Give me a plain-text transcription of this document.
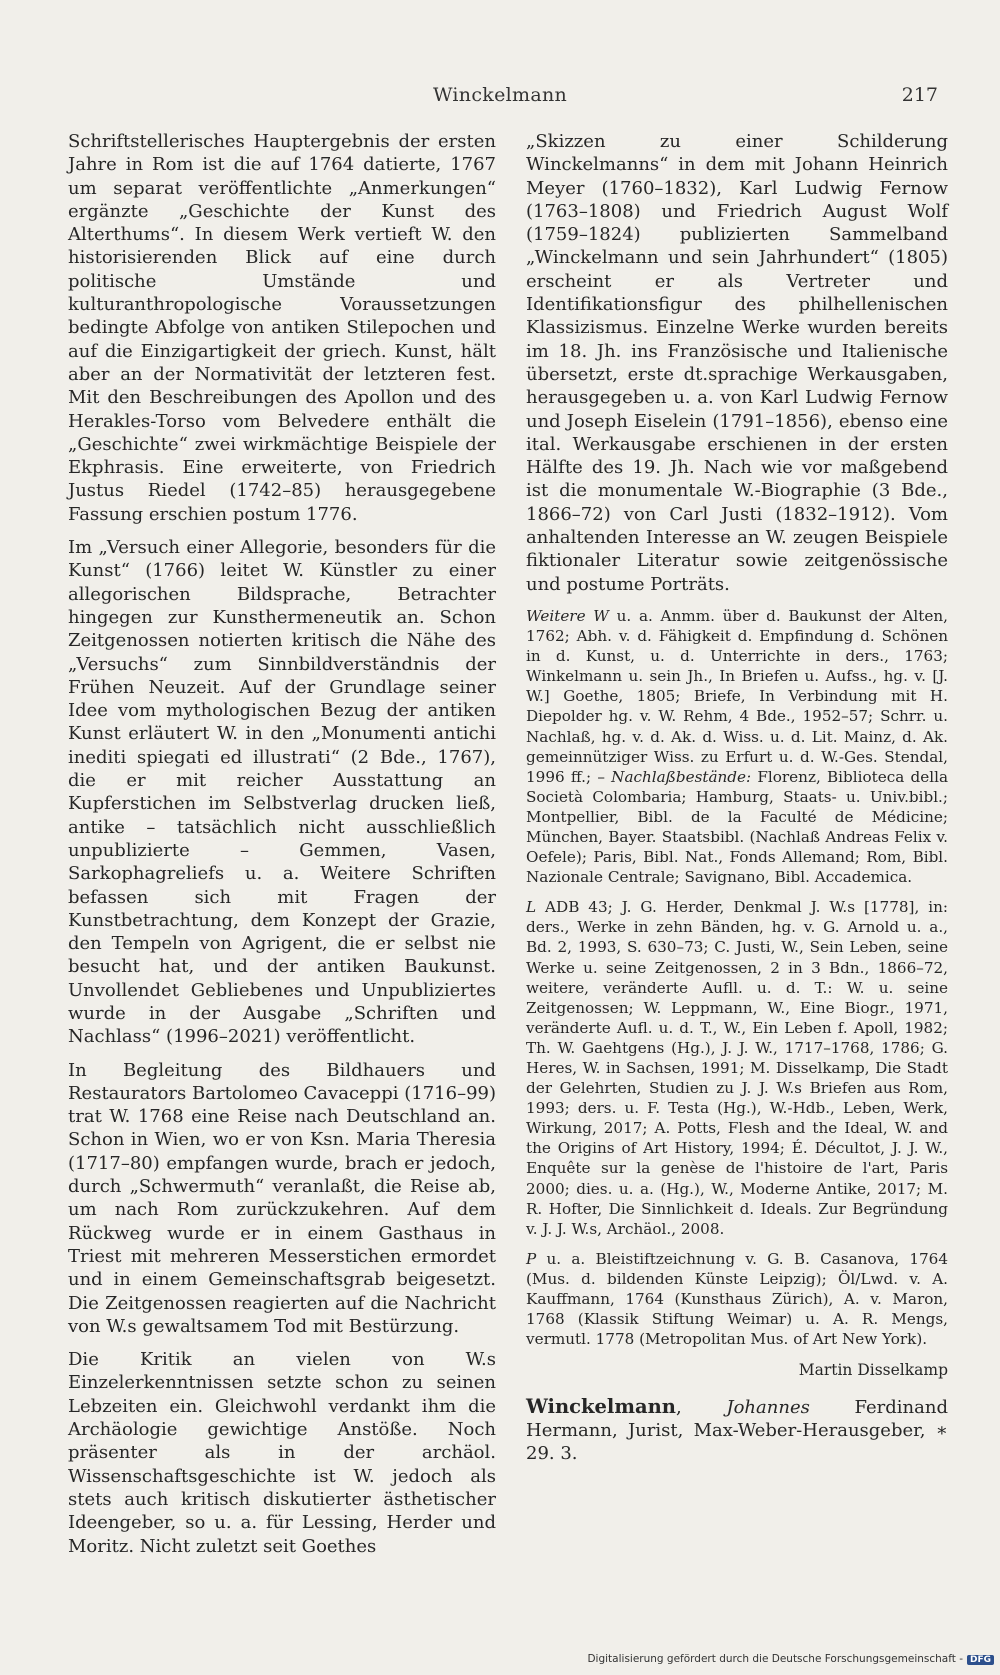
Winckelmann	217

Schriftstellerisches Hauptergebnis der ersten Jahre in Rom ist die auf 1764 datierte, 1767 um separat veröffentlichte „Anmerkungen“ ergänzte „Geschichte der Kunst des Alterthums“. In diesem Werk vertieft W. den historisierenden Blick auf eine durch politische Umstände und kulturanthropologische Voraussetzungen bedingte Abfolge von antiken Stilepochen und auf die Einzigartigkeit der griech. Kunst, hält aber an der Normativität der letzteren fest. Mit den Beschreibungen des Apollon und des Herakles-Torso vom Belvedere enthält die „Geschichte“ zwei wirkmächtige Beispiele der Ekphrasis. Eine erweiterte, von Friedrich Justus Riedel (1742–85) herausgegebene Fassung erschien postum 1776.

Im „Versuch einer Allegorie, besonders für die Kunst“ (1766) leitet W. Künstler zu einer allegorischen Bildsprache, Betrachter hingegen zur Kunsthermeneutik an. Schon Zeitgenossen notierten kritisch die Nähe des „Versuchs“ zum Sinnbildverständnis der Frühen Neuzeit. Auf der Grundlage seiner Idee vom mythologischen Bezug der antiken Kunst erläutert W. in den „Monumenti antichi inediti spiegati ed illustrati“ (2 Bde., 1767), die er mit reicher Ausstattung an Kupferstichen im Selbstverlag drucken ließ, antike – tatsächlich nicht ausschließlich unpublizierte – Gemmen, Vasen, Sarkophagreliefs u. a. Weitere Schriften befassen sich mit Fragen der Kunstbetrachtung, dem Konzept der Grazie, den Tempeln von Agrigent, die er selbst nie besucht hat, und der antiken Baukunst. Unvollendet Gebliebenes und Unpubliziertes wurde in der Ausgabe „Schriften und Nachlass“ (1996–2021) veröffentlicht.

In Begleitung des Bildhauers und Restaurators Bartolomeo Cavaceppi (1716–99) trat W. 1768 eine Reise nach Deutschland an. Schon in Wien, wo er von Ksn. Maria Theresia (1717–80) empfangen wurde, brach er jedoch, durch „Schwermuth“ veranlaßt, die Reise ab, um nach Rom zurückzukehren. Auf dem Rückweg wurde er in einem Gasthaus in Triest mit mehreren Messerstichen ermordet und in einem Gemeinschaftsgrab beigesetzt. Die Zeitgenossen reagierten auf die Nachricht von W.s gewaltsamem Tod mit Bestürzung.

Die Kritik an vielen von W.s Einzelerkenntnissen setzte schon zu seinen Lebzeiten ein. Gleichwohl verdankt ihm die Archäologie gewichtige Anstöße. Noch präsenter als in der archäol. Wissenschaftsgeschichte ist W. jedoch als stets auch kritisch diskutierter ästhetischer Ideengeber, so u. a. für Lessing, Herder und Moritz. Nicht zuletzt seit Goethes

„Skizzen zu einer Schilderung Winckelmanns“ in dem mit Johann Heinrich Meyer (1760–1832), Karl Ludwig Fernow (1763–1808) und Friedrich August Wolf (1759–1824) publizierten Sammelband „Winckelmann und sein Jahrhundert“ (1805) erscheint er als Vertreter und Identifikationsfigur des philhellenischen Klassizismus. Einzelne Werke wurden bereits im 18. Jh. ins Französische und Italienische übersetzt, erste dt.sprachige Werkausgaben, herausgegeben u. a. von Karl Ludwig Fernow und Joseph Eiselein (1791–1856), ebenso eine ital. Werkausgabe erschienen in der ersten Hälfte des 19. Jh. Nach wie vor maßgebend ist die monumentale W.-Biographie (3 Bde., 1866–72) von Carl Justi (1832–1912). Vom anhaltenden Interesse an W. zeugen Beispiele fiktionaler Literatur sowie zeitgenössische und postume Porträts.

Weitere W u. a. Anmm. über d. Baukunst der Alten, 1762; Abh. v. d. Fähigkeit d. Empfindung d. Schönen in d. Kunst, u. d. Unterrichte in ders., 1763; Winkelmann u. sein Jh., In Briefen u. Aufss., hg. v. [J. W.] Goethe, 1805; Briefe, In Verbindung mit H. Diepolder hg. v. W. Rehm, 4 Bde., 1952–57; Schrr. u. Nachlaß, hg. v. d. Ak. d. Wiss. u. d. Lit. Mainz, d. Ak. gemeinnütziger Wiss. zu Erfurt u. d. W.-Ges. Stendal, 1996 ff.; – Nachlaßbestände: Florenz, Biblioteca della Società Colombaria; Hamburg, Staats- u. Univ.bibl.; Montpellier, Bibl. de la Faculté de Médicine; München, Bayer. Staatsbibl. (Nachlaß Andreas Felix v. Oefele); Paris, Bibl. Nat., Fonds Allemand; Rom, Bibl. Nazionale Centrale; Savignano, Bibl. Accademica.

L ADB 43; J. G. Herder, Denkmal J. W.s [1778], in: ders., Werke in zehn Bänden, hg. v. G. Arnold u. a., Bd. 2, 1993, S. 630–73; C. Justi, W., Sein Leben, seine Werke u. seine Zeitgenossen, 2 in 3 Bdn., 1866–72, weitere, veränderte Aufll. u. d. T.: W. u. seine Zeitgenossen; W. Leppmann, W., Eine Biogr., 1971, veränderte Aufl. u. d. T., W., Ein Leben f. Apoll, 1982; Th. W. Gaehtgens (Hg.), J. J. W., 1717–1768, 1786; G. Heres, W. in Sachsen, 1991; M. Disselkamp, Die Stadt der Gelehrten, Studien zu J. J. W.s Briefen aus Rom, 1993; ders. u. F. Testa (Hg.), W.-Hdb., Leben, Werk, Wirkung, 2017; A. Potts, Flesh and the Ideal, W. and the Origins of Art History, 1994; É. Décultot, J. J. W., Enquête sur la genèse de l'histoire de l'art, Paris 2000; dies. u. a. (Hg.), W., Moderne Antike, 2017; M. R. Hofter, Die Sinnlichkeit d. Ideals. Zur Begründung v. J. J. W.s, Archäol., 2008.

P u. a. Bleistiftzeichnung v. G. B. Casanova, 1764 (Mus. d. bildenden Künste Leipzig); Öl/Lwd. v. A. Kauffmann, 1764 (Kunsthaus Zürich), A. v. Maron, 1768 (Klassik Stiftung Weimar) u. A. R. Mengs, vermutl. 1778 (Metropolitan Mus. of Art New York).

Martin Disselkamp

Winckelmann, Johannes Ferdinand Hermann, Jurist, Max-Weber-Herausgeber, ∗ 29. 3.

Digitalisierung gefördert durch die Deutsche Forschungsgemeinschaft - DFG
